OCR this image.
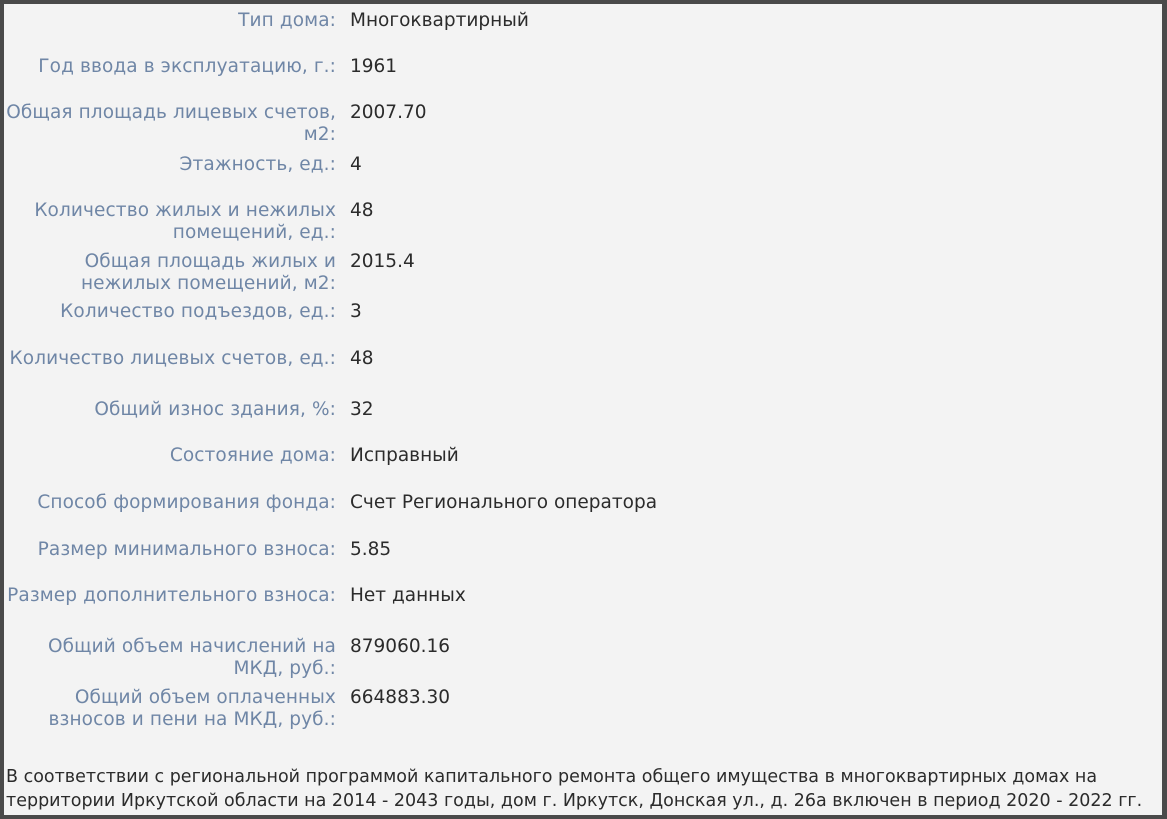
Тип дома: Многоквартирный
Год ввода в эксплуатацию, г.: 1961
Общая площадь лицевых счетов, м2:
2007.70
Этажность, ед.: 4
Количество жилых и нежилых помещений, ед.:
48
Общая площадь жилых и нежилых помещений, м2:
2015.4
Количество подъездов, ед.: 3
Количество лицевых счетов, ед.: 48
Общий износ здания, %: 32
Состояние дома: Исправный
Способ формирования фонда: Счет Регионального оператора
Размер минимального взноса: 5.85
Размер дополнительного взноса: Нет данных
Общий объем начислений на МКД, руб.:
879060.16
Общий объем оплаченных взносов и пени на МКД, руб.:
664883.30
В соответствии с региональной программой капитального ремонта общего имущества в многоквартирных домах на территории Иркутской области на 2014 - 2043 годы, дом г. Иркутск, Донская ул., д. 26а включен в период 2020 - 2022 гг.
